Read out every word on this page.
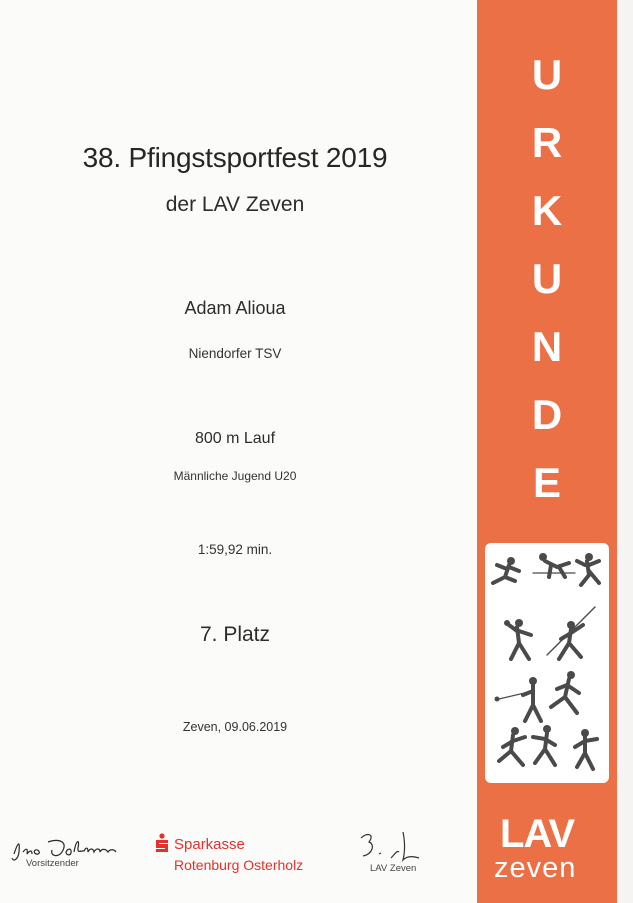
38. Pfingstsportfest 2019
der LAV Zeven
Adam Alioua
Niendorfer TSV
800 m Lauf
Männliche Jugend U20
1:59,92 min.
7. Platz
Zeven, 09.06.2019
Vorsitzender
Sparkasse
Rotenburg Osterholz	LAV Zeven
U
R
K
U
N
D
E
LAV
zeven
